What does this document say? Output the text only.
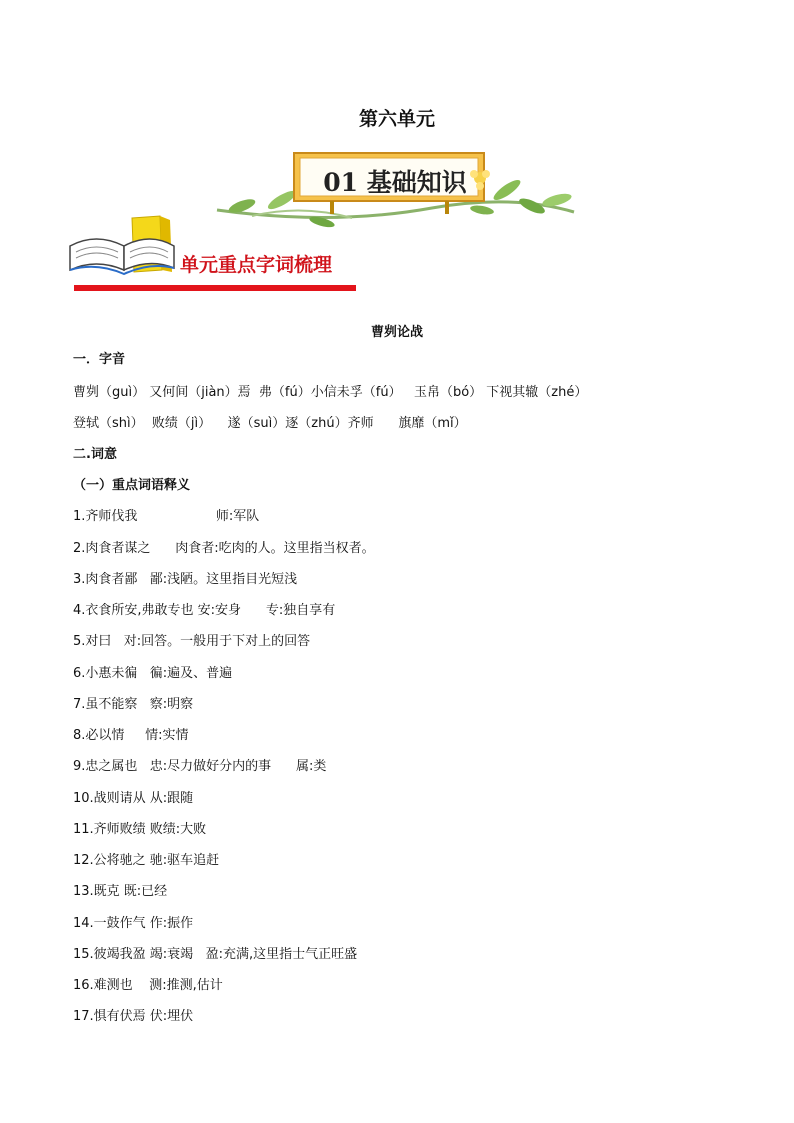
第六单元
01 基础知识
单元重点字词梳理
曹刿论战
一．字音
曹刿（guì） 又何间（jiàn）焉  弗（fú）小信未孚（fú）   玉帛（bó） 下视其辙（zhé）
登轼（shì）  败绩（jì）    遂（suì）逐（zhú）齐师      旗靡（mǐ）
二.词意
（一）重点词语释义
1.齐师伐我                   师:军队
2.肉食者谋之      肉食者:吃肉的人。这里指当权者。
3.肉食者鄙   鄙:浅陋。这里指目光短浅
4.衣食所安,弗敢专也 安:安身      专:独自享有
5.对曰   对:回答。一般用于下对上的回答
6.小惠未徧   徧:遍及、普遍
7.虽不能察   察:明察
8.必以情     情:实情
9.忠之属也   忠:尽力做好分内的事      属:类
10.战则请从 从:跟随
11.齐师败绩 败绩:大败
12.公将驰之 驰:驱车追赶
13.既克 既:已经
14.一鼓作气 作:振作
15.彼竭我盈 竭:衰竭   盈:充满,这里指士气正旺盛
16.难测也    测:推测,估计
17.惧有伏焉 伏:埋伏
